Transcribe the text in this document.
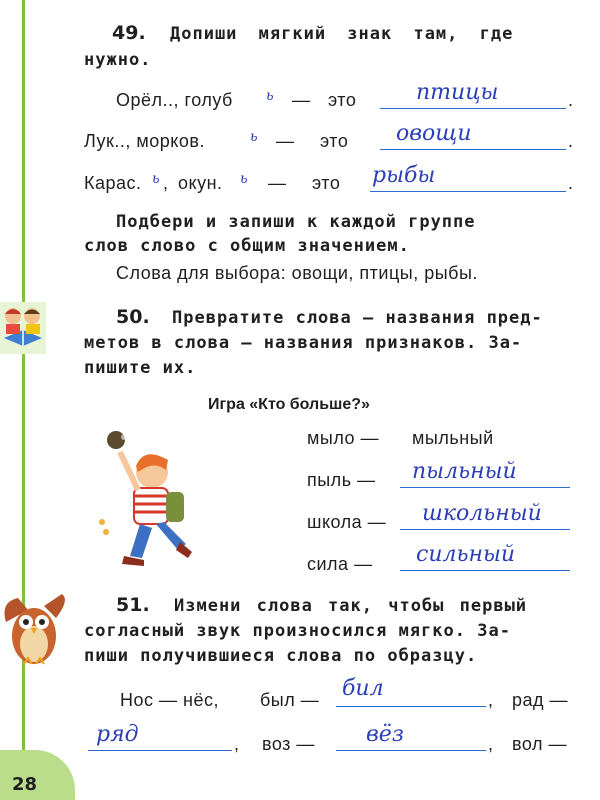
49. Допиши мягкий знак там, где
нужно.
Орёл.., голуб ь — это	птицы	.
Лук.., морков.	ь — это овощи	.
Карас. ь , окун. ь — это рыбы	.
Подбери и запиши к каждой группе
слов слово с общим значением.
Слова для выбора: овощи, птицы, рыбы.
50. Превратите слова — названия пред-
метов в слова — названия признаков. За-
пишите их.
Игра «Кто больше?»
мыло — мыльный
пыль — пыльный
школа — школьный
сила — сильный
51. Измени слова так, чтобы первый
согласный звук произносился мягко. За-
пиши получившиеся слова по образцу.
Нос — нёс, был — бил	, рад —
ряд	, воз — вёз	, вол —
28
